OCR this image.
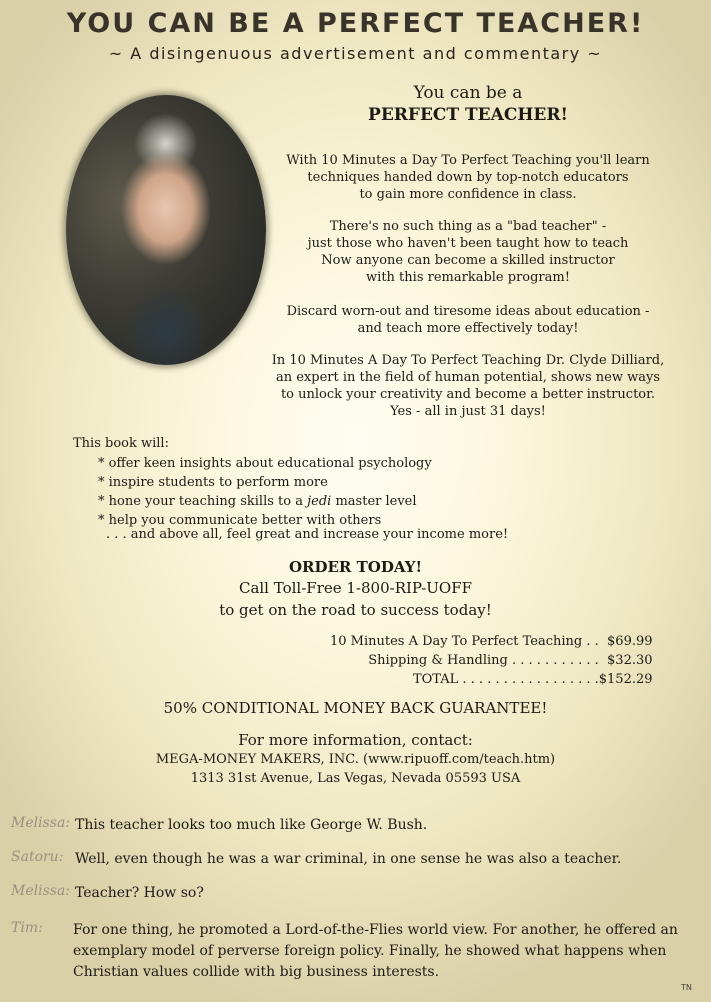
YOU CAN BE A PERFECT TEACHER!
~ A disingenuous advertisement and commentary ~
You can be a
PERFECT TEACHER!
With 10 Minutes a Day To Perfect Teaching you'll learn
techniques handed down by top-notch educators
to gain more confidence in class.
There's no such thing as a "bad teacher" -
just those who haven't been taught how to teach
Now anyone can become a skilled instructor
with this remarkable program!
Discard worn-out and tiresome ideas about education -
and teach more effectively today!
In 10 Minutes A Day To Perfect Teaching Dr. Clyde Dilliard,
an expert in the field of human potential, shows new ways
to unlock your creativity and become a better instructor.
Yes - all in just 31 days!
This book will:
* offer keen insights about educational psychology
* inspire students to perform more
* hone your teaching skills to a jedi master level
* help you communicate better with others
. . . and above all, feel great and increase your income more!
ORDER TODAY!
Call Toll-Free 1-800-RIP-UOFF
to get on the road to success today!
10 Minutes A Day To Perfect Teaching . .	$69.99
Shipping & Handling . . . . . . . . . . .	$32.30
TOTAL . . . . . . . . . . . . . . . . .	$152.29
50% CONDITIONAL MONEY BACK GUARANTEE!
For more information, contact:
MEGA-MONEY MAKERS, INC. (www.ripuoff.com/teach.htm)
1313 31st Avenue, Las Vegas, Nevada 05593 USA
Melissa: This teacher looks too much like George W. Bush.
Satoru: Well, even though he was a war criminal, in one sense he was also a teacher.
Melissa: Teacher? How so?
Tim: For one thing, he promoted a Lord-of-the-Flies world view. For another, he offered an exemplary model of perverse foreign policy. Finally, he showed what happens when Christian values collide with big business interests.
TN
